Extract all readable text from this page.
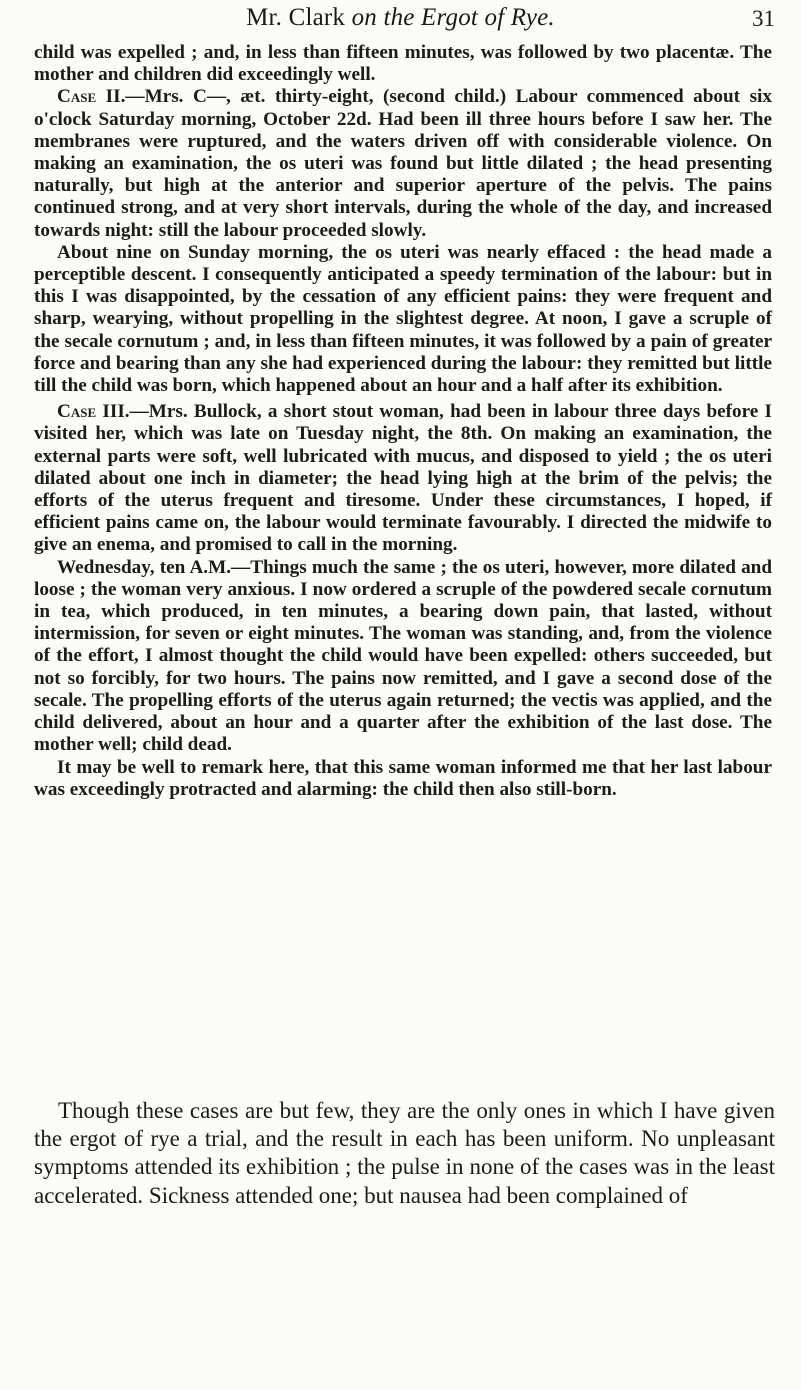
Mr. Clark on the Ergot of Rye.	31

child was expelled ; and, in less than fifteen minutes, was followed by two placentæ. The mother and children did exceedingly well.

Case II.—Mrs. C—, æt. thirty-eight, (second child.) Labour commenced about six o'clock Saturday morning, October 22d. Had been ill three hours before I saw her. The membranes were ruptured, and the waters driven off with considerable violence. On making an examination, the os uteri was found but little dilated ; the head presenting naturally, but high at the anterior and superior aperture of the pelvis. The pains continued strong, and at very short intervals, during the whole of the day, and increased towards night: still the labour proceeded slowly.

About nine on Sunday morning, the os uteri was nearly effaced : the head made a perceptible descent. I consequently anticipated a speedy termination of the labour: but in this I was disappointed, by the cessation of any efficient pains: they were frequent and sharp, wearying, without propelling in the slightest degree. At noon, I gave a scruple of the secale cornutum ; and, in less than fifteen minutes, it was followed by a pain of greater force and bearing than any she had experienced during the labour: they remitted but little till the child was born, which happened about an hour and a half after its exhibition.

Case III.—Mrs. Bullock, a short stout woman, had been in labour three days before I visited her, which was late on Tuesday night, the 8th. On making an examination, the external parts were soft, well lubricated with mucus, and disposed to yield ; the os uteri dilated about one inch in diameter; the head lying high at the brim of the pelvis; the efforts of the uterus frequent and tiresome. Under these circumstances, I hoped, if efficient pains came on, the labour would terminate favourably. I directed the midwife to give an enema, and promised to call in the morning.

Wednesday, ten A.M.—Things much the same ; the os uteri, however, more dilated and loose ; the woman very anxious. I now ordered a scruple of the powdered secale cornutum in tea, which produced, in ten minutes, a bearing down pain, that lasted, without intermission, for seven or eight minutes. The woman was standing, and, from the violence of the effort, I almost thought the child would have been expelled: others succeeded, but not so forcibly, for two hours. The pains now remitted, and I gave a second dose of the secale. The propelling efforts of the uterus again returned; the vectis was applied, and the child delivered, about an hour and a quarter after the exhibition of the last dose. The mother well; child dead.

It may be well to remark here, that this same woman informed me that her last labour was exceedingly protracted and alarming: the child then also still-born.

Though these cases are but few, they are the only ones in which I have given the ergot of rye a trial, and the result in each has been uniform. No unpleasant symptoms attended its exhibition ; the pulse in none of the cases was in the least accelerated. Sickness attended one; but nausea had been complained of
